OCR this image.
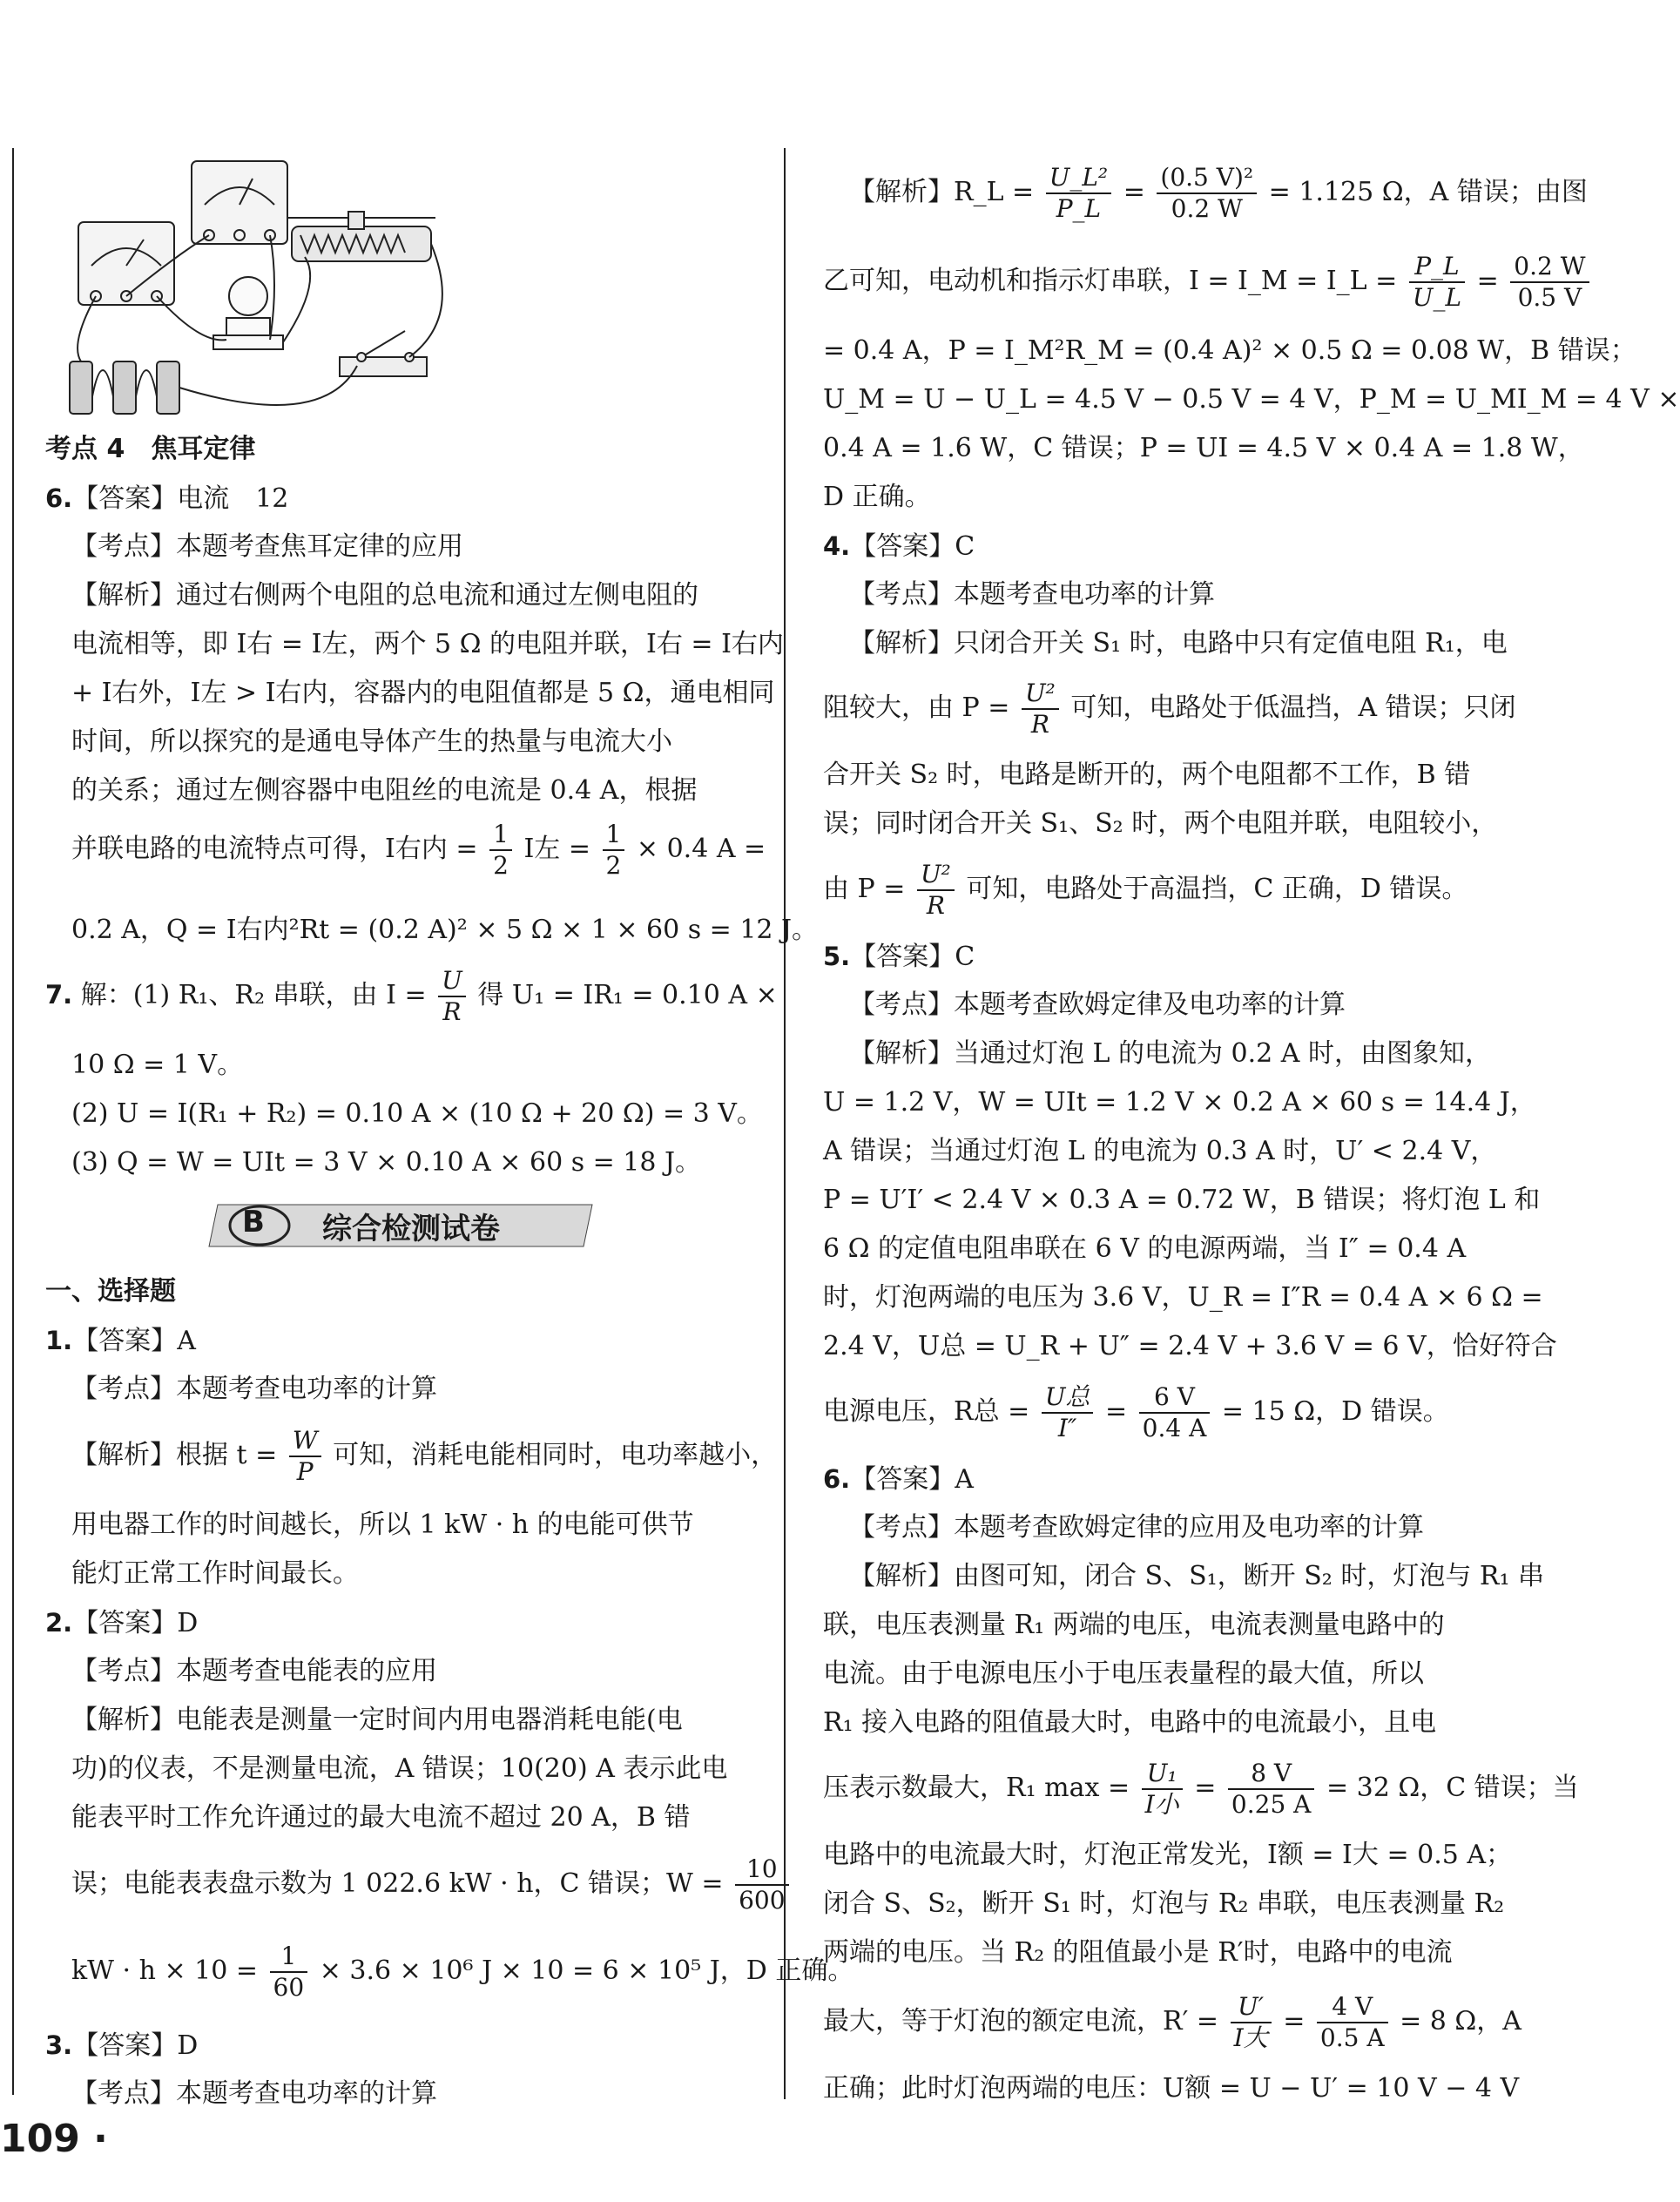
考点 4　焦耳定律
6.【答案】电流　12
【考点】本题考查焦耳定律的应用
【解析】通过右侧两个电阻的总电流和通过左侧电阻的
电流相等，即 I右 = I左，两个 5 Ω 的电阻并联，I右 = I右内
+ I右外，I左 > I右内，容器内的电阻值都是 5 Ω，通电相同
时间，所以探究的是通电导体产生的热量与电流大小
的关系；通过左侧容器中电阻丝的电流是 0.4 A，根据
并联电路的电流特点可得，I右内 = $\frac{1}{2}$ I左 = $\frac{1}{2} \times 0.4$ A =
0.2 A，Q = I右内²Rt = (0.2 A)² × 5 Ω × 1 × 60 s = 12 J。
7. 解：(1) R₁、R₂ 串联，由 $I = \frac{U}{R}$ 得 U₁ = IR₁ = 0.10 A ×
10 Ω = 1 V。
(2) U = I(R₁ + R₂) = 0.10 A × (10 Ω + 20 Ω) = 3 V。
(3) Q = W = UIt = 3 V × 0.10 A × 60 s = 18 J。
一、选择题
1.【答案】A
【考点】本题考查电功率的计算
【解析】根据 $t = \frac{W}{P}$ 可知，消耗电能相同时，电功率越小，
用电器工作的时间越长，所以 1 kW · h 的电能可供节
能灯正常工作时间最长。
2.【答案】D
【考点】本题考查电能表的应用
【解析】电能表是测量一定时间内用电器消耗电能(电
功)的仪表，不是测量电流，A 错误；10(20) A 表示此电
能表平时工作允许通过的最大电流不超过 20 A，B 错
误；电能表表盘示数为 1 022.6 kW · h，C 错误；$W = \frac{10}{600}$
kW · $h \times 10 = \frac{1}{60} \times 3.6 \times 10^6$ J × 10 = 6 × 10⁵ J，D 正确。
3.【答案】D
【考点】本题考查电功率的计算
B 综合检测试卷
【解析】R_L = $\frac{\text{U\_L²}}{P\_L} = \frac{\text{(0.5 V)²}}{0.2 W} = 1.125$ Ω，A 错误；由图
乙可知，电动机和指示灯串联，I = I_M = I_L = $\frac{P\_L}{U\_L} = \frac{0.2 W}{0.5 V}$
= 0.4 A，P = I_M²R_M = (0.4 A)² × 0.5 Ω = 0.08 W，B 错误；
U_M = U − U_L = 4.5 V − 0.5 V = 4 V，P_M = U_MI_M = 4 V ×
0.4 A = 1.6 W，C 错误；P = UI = 4.5 V × 0.4 A = 1.8 W，
D 正确。
4.【答案】C
【考点】本题考查电功率的计算
【解析】只闭合开关 S₁ 时，电路中只有定值电阻 R₁，电
阻较大，由 $P = \frac{\text{U²}}{R}$ 可知，电路处于低温挡，A 错误；只闭
合开关 S₂ 时，电路是断开的，两个电阻都不工作，B 错
误；同时闭合开关 S₁、S₂ 时，两个电阻并联，电阻较小，
由 $P = \frac{\text{U²}}{R}$ 可知，电路处于高温挡，C 正确，D 错误。
5.【答案】C
【考点】本题考查欧姆定律及电功率的计算
【解析】当通过灯泡 L 的电流为 0.2 A 时，由图象知，
U = 1.2 V，W = UIt = 1.2 V × 0.2 A × 60 s = 14.4 J，
A 错误；当通过灯泡 L 的电流为 0.3 A 时，U′ < 2.4 V，
P = U′I′ < 2.4 V × 0.3 A = 0.72 W，B 错误；将灯泡 L 和
6 Ω 的定值电阻串联在 6 V 的电源两端，当 I″ = 0.4 A
时，灯泡两端的电压为 3.6 V，U_R = I″R = 0.4 A × 6 Ω =
2.4 V，U总 = U_R + U″ = 2.4 V + 3.6 V = 6 V，恰好符合
电源电压，R总 = $\frac{\text{U总}}{I''} = \frac{6 V}{0.4 A} = 15$ Ω，D 错误。
6.【答案】A
【考点】本题考查欧姆定律的应用及电功率的计算
【解析】由图可知，闭合 S、S₁，断开 S₂ 时，灯泡与 R₁ 串
联，电压表测量 R₁ 两端的电压，电流表测量电路中的
电流。由于电源电压小于电压表量程的最大值，所以
R₁ 接入电路的阻值最大时，电路中的电流最小，且电
压表示数最大，R₁ $\max = \frac{\text{U₁}}{\text{I小}} = \frac{8 V}{0.25 A} = 32$ Ω，C 错误；当
电路中的电流最大时，灯泡正常发光，I额 = I大 = 0.5 A；
闭合 S、S₂，断开 S₁ 时，灯泡与 R₂ 串联，电压表测量 R₂
两端的电压。当 R₂ 的阻值最小是 R′时，电路中的电流
最大，等于灯泡的额定电流，$R' = \frac{U'}{\text{I大}} = \frac{4 V}{0.5 A} = 8$ Ω，A
正确；此时灯泡两端的电压：U额 = U − U′ = 10 V − 4 V
109 ·
